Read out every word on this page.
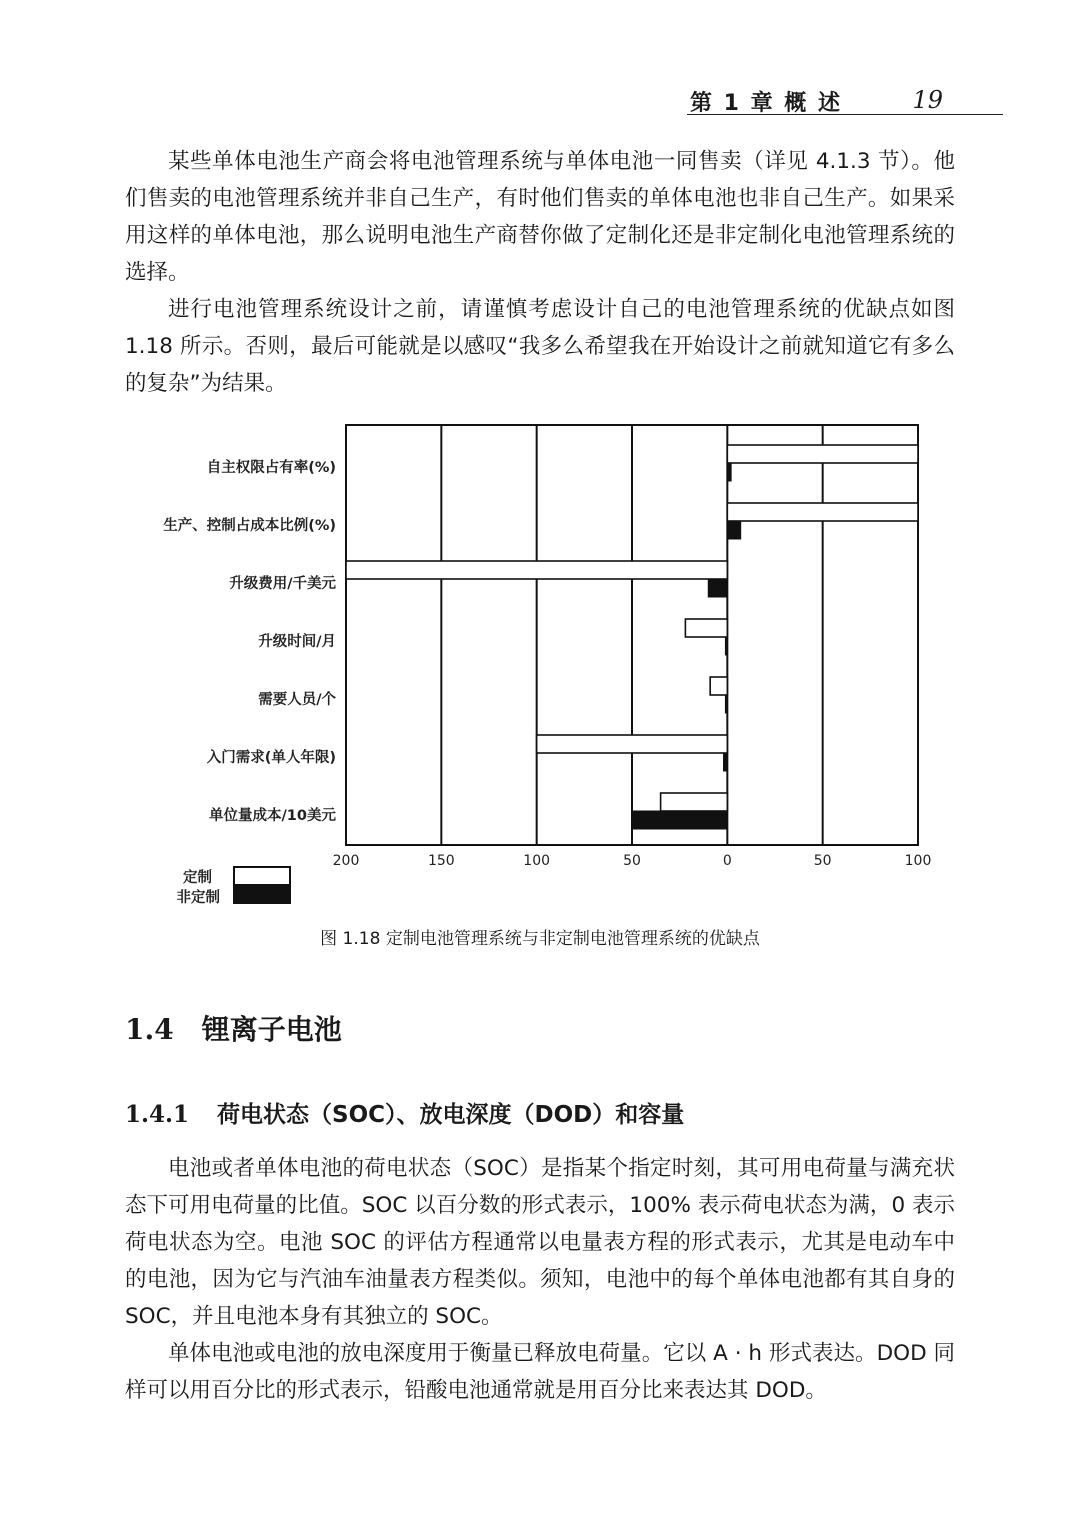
第 1 章 概 述	19

某些单体电池生产商会将电池管理系统与单体电池一同售卖（详见 4.1.3 节）。他们售卖的电池管理系统并非自己生产，有时他们售卖的单体电池也非自己生产。如果采用这样的单体电池，那么说明电池生产商替你做了定制化还是非定制化电池管理系统的选择。

进行电池管理系统设计之前，请谨慎考虑设计自己的电池管理系统的优缺点如图 1.18 所示。否则，最后可能就是以感叹“我多么希望我在开始设计之前就知道它有多么的复杂”为结果。

200	150	100	50	0	50	100
自主权限占有率(%)
生产、控制占成本比例(%)
升级费用/千美元
升级时间/月
需要人员/个
入门需求(单人年限)
单位量成本/10美元
定制
非定制
图 1.18 定制电池管理系统与非定制电池管理系统的优缺点
1.4 锂离子电池
1.4.1 荷电状态（SOC）、放电深度（DOD）和容量

电池或者单体电池的荷电状态（SOC）是指某个指定时刻，其可用电荷量与满充状态下可用电荷量的比值。SOC 以百分数的形式表示，100% 表示荷电状态为满，0 表示荷电状态为空。电池 SOC 的评估方程通常以电量表方程的形式表示，尤其是电动车中的电池，因为它与汽油车油量表方程类似。须知，电池中的每个单体电池都有其自身的 SOC，并且电池本身有其独立的 SOC。

单体电池或电池的放电深度用于衡量已释放电荷量。它以 A · h 形式表达。DOD 同样可以用百分比的形式表示，铅酸电池通常就是用百分比来表达其 DOD。
